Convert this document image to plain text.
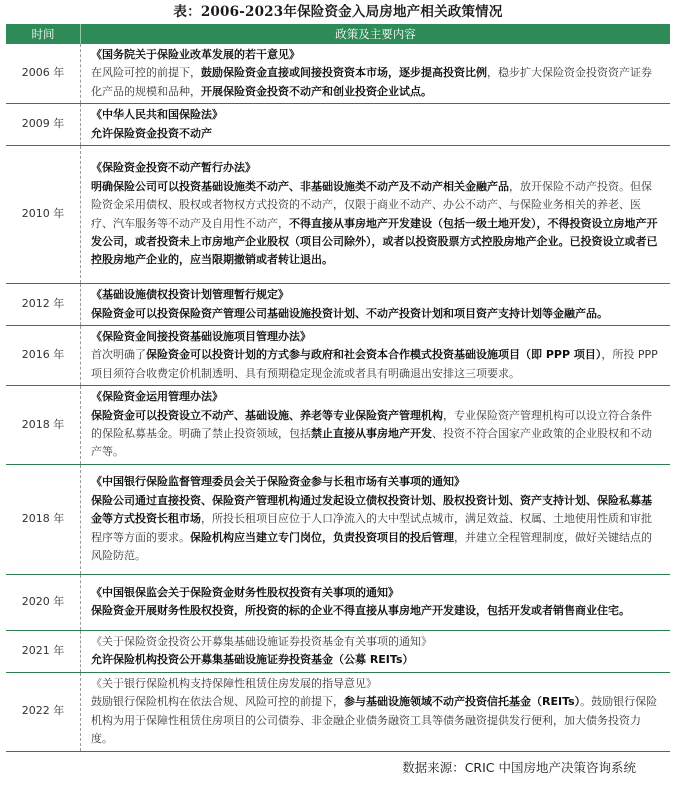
表：2006-2023年保险资金入局房地产相关政策情况
时间	政策及主要内容
2006 年	《国务院关于保险业改革发展的若干意见》
在风险可控的前提下，鼓励保险资金直接或间接投资资本市场，逐步提高投资比例，稳步扩大保险资金投资资产证券化产品的规模和品种，开展保险资金投资不动产和创业投资企业试点。

2009 年	《中华人民共和国保险法》
允许保险资金投资不动产

2010 年	《保险资金投资不动产暂行办法》
明确保险公司可以投资基础设施类不动产、非基础设施类不动产及不动产相关金融产品，放开保险不动产投资。但保险资金采用债权、股权或者物权方式投资的不动产，仅限于商业不动产、办公不动产、与保险业务相关的养老、医疗、汽车服务等不动产及自用性不动产，不得直接从事房地产开发建设（包括一级土地开发），不得投资设立房地产开发公司，或者投资未上市房地产企业股权（项目公司除外），或者以投资股票方式控股房地产企业。已投资设立或者已控股房地产企业的，应当限期撤销或者转让退出。

2012 年	《基础设施债权投资计划管理暂行规定》
保险资金可以投资保险资产管理公司基础设施投资计划、不动产投资计划和项目资产支持计划等金融产品。

2016 年	《保险资金间接投资基础设施项目管理办法》
首次明确了保险资金可以投资计划的方式参与政府和社会资本合作模式投资基础设施项目（即 PPP 项目），所投 PPP 项目须符合收费定价机制透明、具有预期稳定现金流或者具有明确退出安排这三项要求。

2018 年	《保险资金运用管理办法》
保险资金可以投资设立不动产、基础设施、养老等专业保险资产管理机构，专业保险资产管理机构可以设立符合条件的保险私募基金。明确了禁止投资领域，包括禁止直接从事房地产开发、投资不符合国家产业政策的企业股权和不动产等。

2018 年	《中国银行保险监督管理委员会关于保险资金参与长租市场有关事项的通知》
保险公司通过直接投资、保险资产管理机构通过发起设立债权投资计划、股权投资计划、资产支持计划、保险私募基金等方式投资长租市场，所投长租项目应位于人口净流入的大中型试点城市，满足效益、权属、土地使用性质和审批程序等方面的要求。保险机构应当建立专门岗位，负责投资项目的投后管理，并建立全程管理制度，做好关键结点的风险防范。

2020 年	《中国银保监会关于保险资金财务性股权投资有关事项的通知》
保险资金开展财务性股权投资，所投资的标的企业不得直接从事房地产开发建设，包括开发或者销售商业住宅。

2021 年	《关于保险资金投资公开募集基础设施证券投资基金有关事项的通知》
允许保险机构投资公开募集基础设施证券投资基金（公募 REITs）

2022 年	《关于银行保险机构支持保障性租赁住房发展的指导意见》
鼓励银行保险机构在依法合规、风险可控的前提下，参与基础设施领域不动产投资信托基金（REITs）。鼓励银行保险机构为用于保障性租赁住房项目的公司债券、非金融企业债务融资工具等债务融资提供发行便利，加大债务投资力度。
数据来源：CRIC 中国房地产决策咨询系统
